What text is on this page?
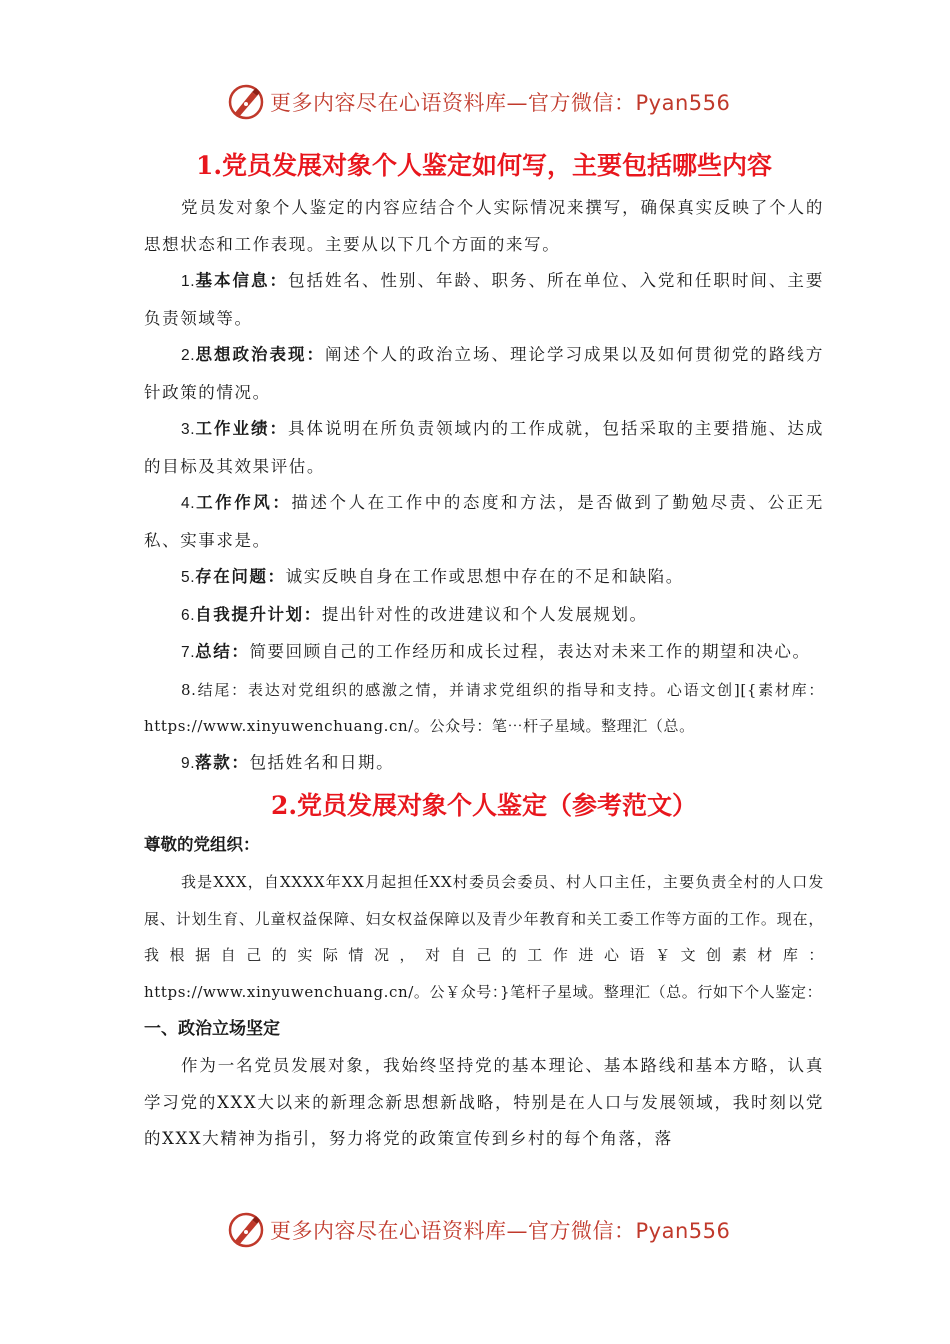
更多内容尽在心语资料库—官方微信：Pyan556
1.党员发展对象个人鉴定如何写，主要包括哪些内容

党员发对象个人鉴定的内容应结合个人实际情况来撰写，确保真实反映了个人的思想状态和工作表现。主要从以下几个方面的来写。

1.基本信息：包括姓名、性别、年龄、职务、所在单位、入党和任职时间、主要负责领域等。

2.思想政治表现：阐述个人的政治立场、理论学习成果以及如何贯彻党的路线方针政策的情况。

3.工作业绩：具体说明在所负责领域内的工作成就，包括采取的主要措施、达成的目标及其效果评估。

4.工作作风：描述个人在工作中的态度和方法，是否做到了勤勉尽责、公正无私、实事求是。

5.存在问题：诚实反映自身在工作或思想中存在的不足和缺陷。

6.自我提升计划：提出针对性的改进建议和个人发展规划。

7.总结：简要回顾自己的工作经历和成长过程，表达对未来工作的期望和决心。

8.结尾：表达对党组织的感激之情，并请求党组织的指导和支持。心语文创][{素材库：https://www.xinyuwenchuang.cn/。公众号：笔⋯杆子星域。整理汇（总。

9.落款：包括姓名和日期。

2.党员发展对象个人鉴定（参考范文）
尊敬的党组织：

我是XXX，自XXXX年XX月起担任XX村委员会委员、村人口主任，主要负责全村的人口发展、计划生育、儿童权益保障、妇女权益保障以及青少年教育和关工委工作等方面的工作。现在，我根据自己的实际情况，对自己的工作进心语￥文创素材库：https://www.xinyuwenchuang.cn/。公￥众号：}笔杆子星域。整理汇（总。行如下个人鉴定：

一、政治立场坚定

作为一名党员发展对象，我始终坚持党的基本理论、基本路线和基本方略，认真学习党的XXX大以来的新理念新思想新战略，特别是在人口与发展领域，我时刻以党的XXX大精神为指引，努力将党的政策宣传到乡村的每个角落，落

更多内容尽在心语资料库—官方微信：Pyan556
